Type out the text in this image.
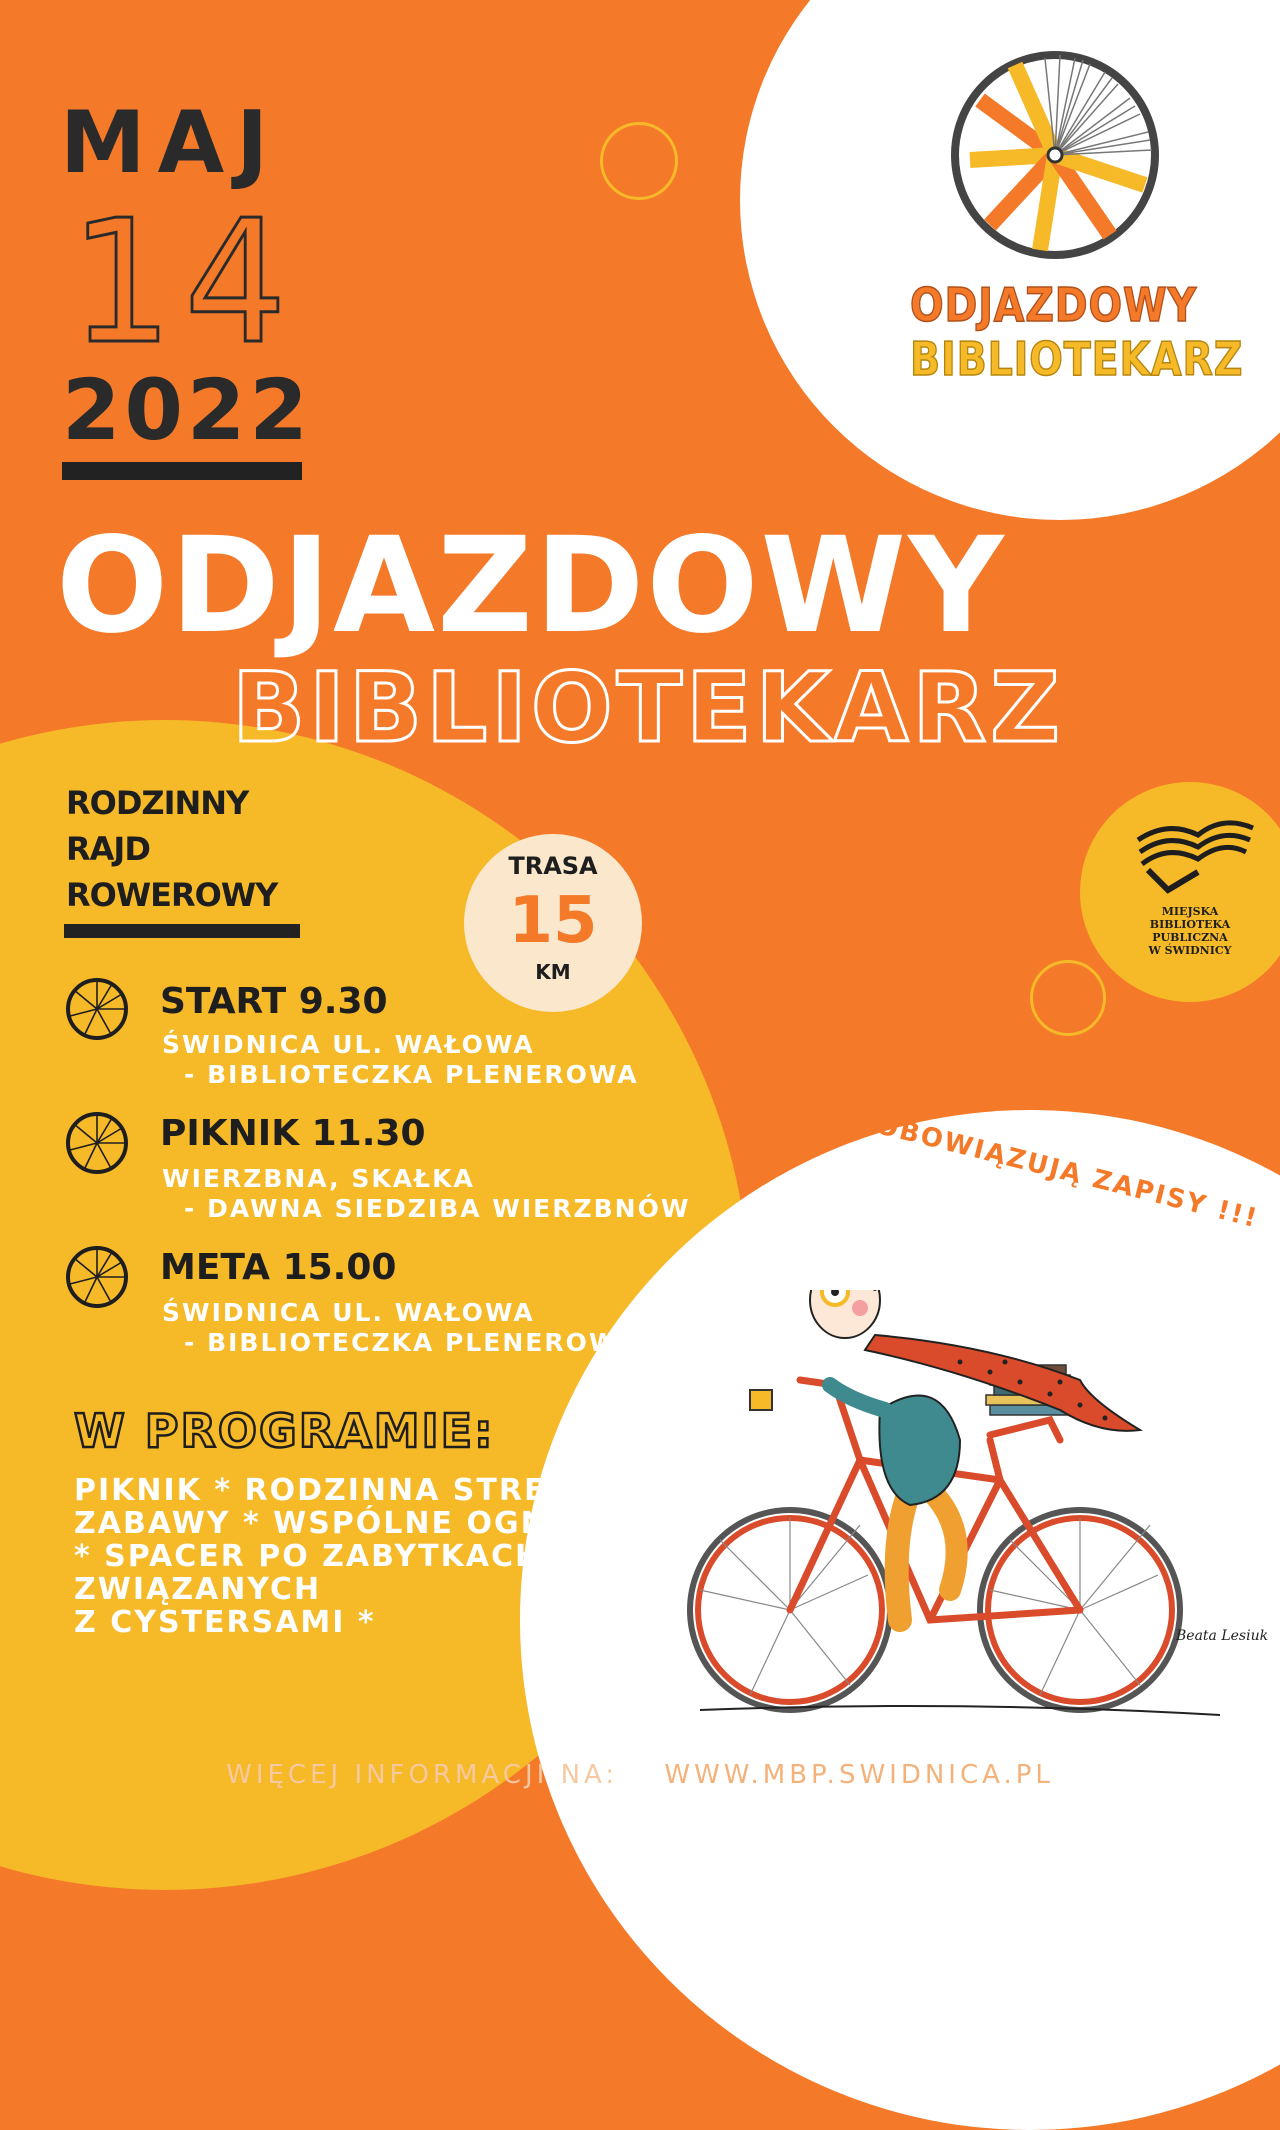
MAJ
14
2022
ODJAZDOWY
BIBLIOTEKARZ
ODJAZDOWY
BIBLIOTEKARZ
MIEJSKA
BIBLIOTEKA
PUBLICZNA
W ŚWIDNICY
RODZINNY
RAJD
ROWEROWY
TRASA
15
KM
START 9.30
ŚWIDNICA UL. WAŁOWA
- BIBLIOTECZKA PLENEROWA
PIKNIK 11.30
WIERZBNA, SKAŁKA
- DAWNA SIEDZIBA WIERZBNÓW
META 15.00
ŚWIDNICA UL. WAŁOWA
- BIBLIOTECZKA PLENEROWA
W PROGRAMIE:
PIKNIK * RODZINNA STREFA
ZABAWY * WSPÓLNE OGNISKO
* SPACER PO ZABYTKACH
ZWIĄZANYCH
Z CYSTERSAMI *
OBOWIĄZUJĄ ZAPISY !!!
Beata Lesiuk
WIĘCEJ INFORMACJI NA: WWW.MBP.SWIDNICA.PL
